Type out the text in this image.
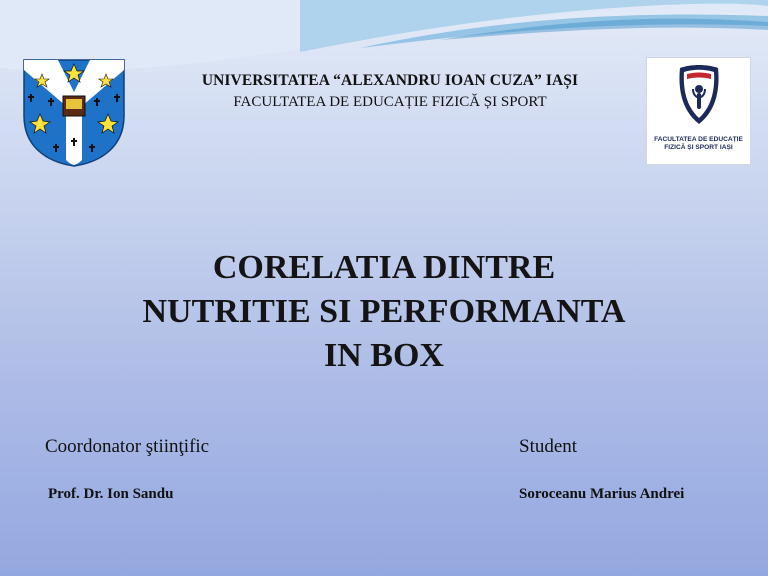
UNIVERSITATEA “ALEXANDRU IOAN CUZA” IAȘI
FACULTATEA DE EDUCAȚIE FIZICĂ ȘI SPORT
FACULTATEA DE EDUCAȚIE
FIZICĂ ȘI SPORT IAȘI
CORELATIA DINTRE
NUTRITIE SI PERFORMANTA
IN BOX
Coordonator ştiinţific
Prof. Dr. Ion Sandu
Student
Soroceanu Marius Andrei
